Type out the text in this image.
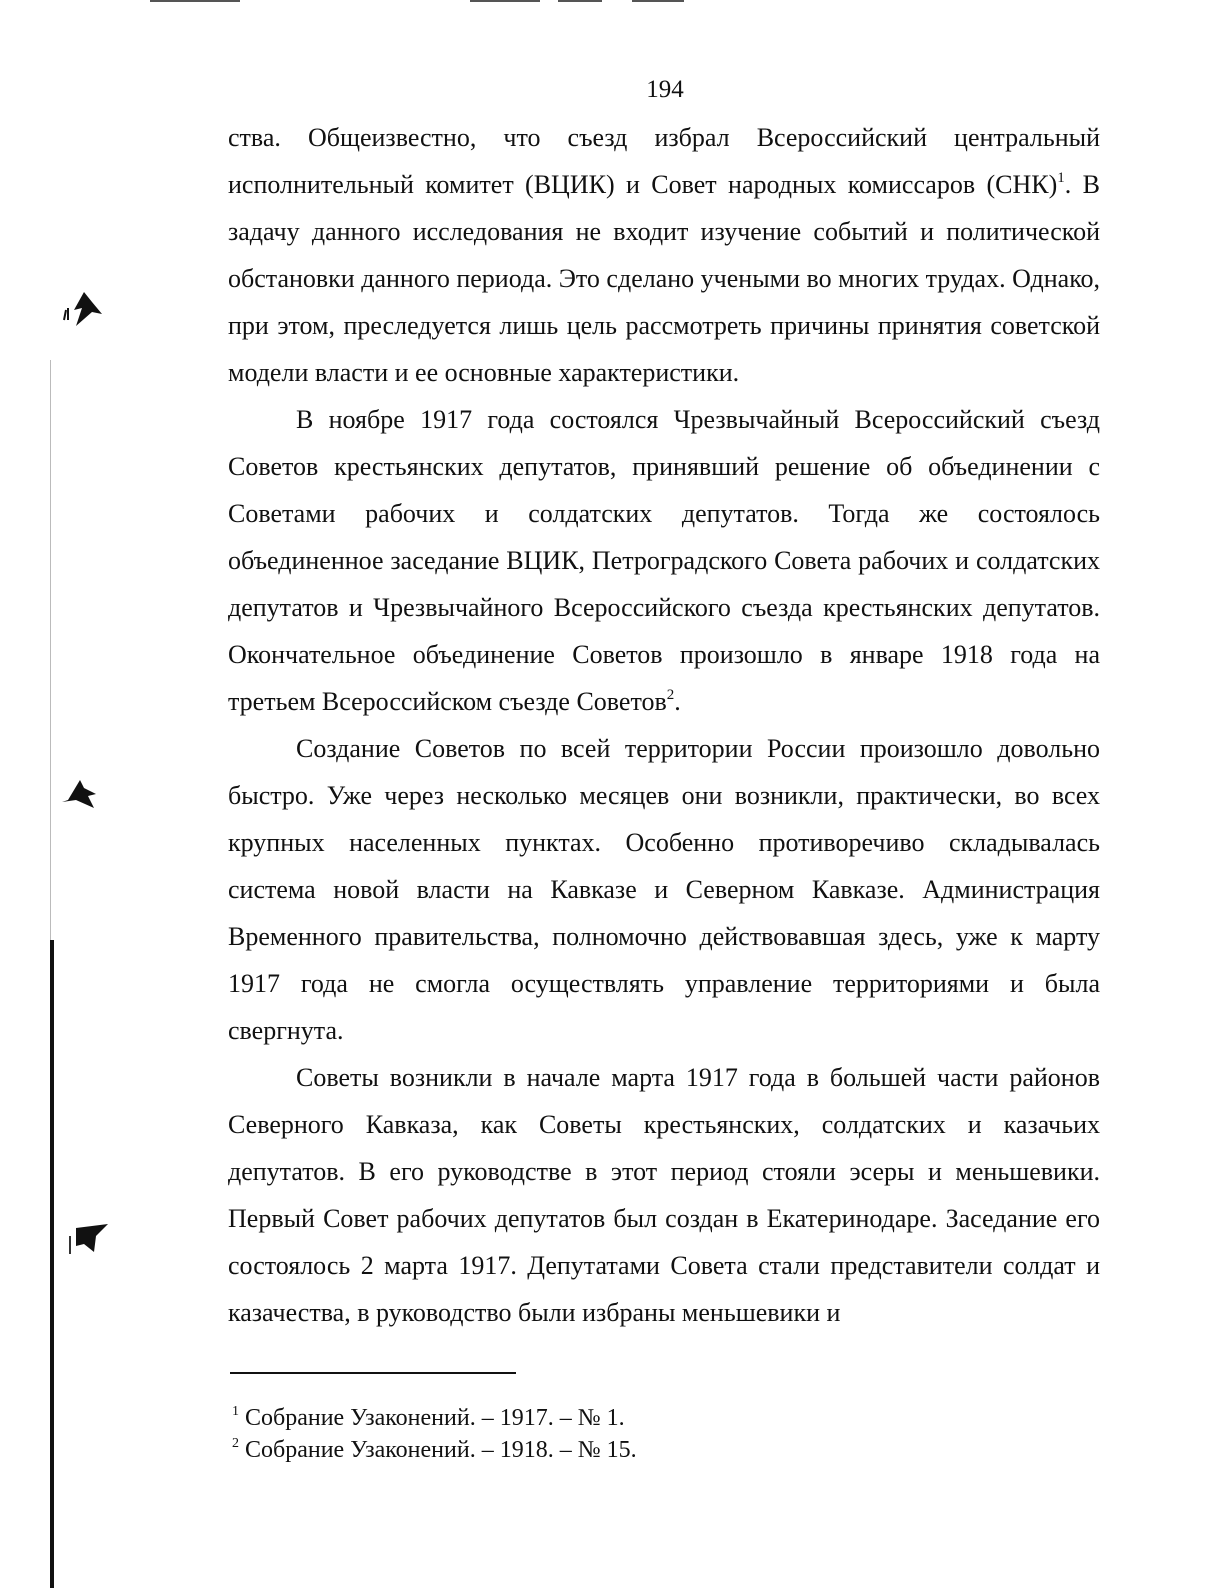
194

ства. Общеизвестно, что съезд избрал Всероссийский центральный исполнительный комитет (ВЦИК) и Совет народных комиссаров (СНК)$^1$. В задачу данного исследования не входит изучение событий и политической обстановки данного периода. Это сделано учеными во многих трудах. Однако, при этом, преследуется лишь цель рассмотреть причины принятия советской модели власти и ее основные характеристики.

В ноябре 1917 года состоялся Чрезвычайный Всероссийский съезд Советов крестьянских депутатов, принявший решение об объединении с Советами рабочих и солдатских депутатов. Тогда же состоялось объединенное заседание ВЦИК, Петроградского Совета рабочих и солдатских депутатов и Чрезвычайного Всероссийского съезда крестьянских депутатов. Окончательное объединение Советов произошло в январе 1918 года на третьем Всероссийском съезде Советов$^2$.

Создание Советов по всей территории России произошло довольно быстро. Уже через несколько месяцев они возникли, практически, во всех крупных населенных пунктах. Особенно противоречиво складывалась система новой власти на Кавказе и Северном Кавказе. Администрация Временного правительства, полномочно действовавшая здесь, уже к марту 1917 года не смогла осуществлять управление территориями и была свергнута.

Советы возникли в начале марта 1917 года в большей части районов Северного Кавказа, как Советы крестьянских, солдатских и казачьих депутатов. В его руководстве в этот период стояли эсеры и меньшевики. Первый Совет рабочих депутатов был создан в Екатеринодаре. Заседание его состоялось 2 марта 1917. Депутатами Совета стали представители солдат и казачества, в руководство были избраны меньшевики и

$^1$ Собрание Узаконений. – 1917. – № 1.

$^2$ Собрание Узаконений. – 1918. – № 15.
